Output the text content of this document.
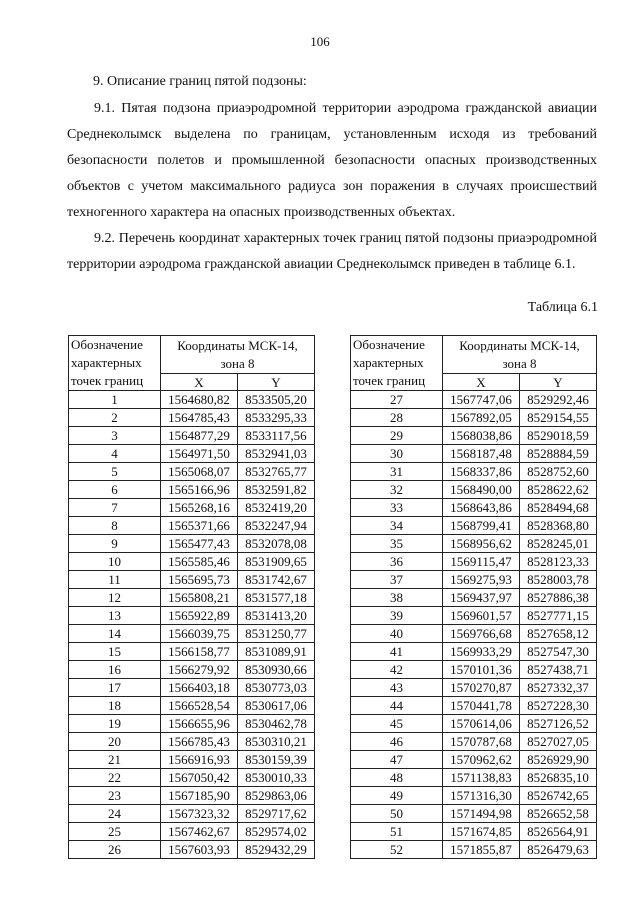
106
9. Описание границ пятой подзоны:
9.1. Пятая подзона приаэродромной территории аэродрома гражданской авиации Среднеколымск выделена по границам, установленным исходя из требований безопасности полетов и промышленной безопасности опасных производственных объектов с учетом максимального радиуса зон поражения в случаях происшествий техногенного характера на опасных производственных объектах.
9.2. Перечень координат характерных точек границ пятой подзоны приаэродромной территории аэродрома гражданской авиации Среднеколымск приведен в таблице 6.1.
Таблица 6.1
Обозначение характерных точек границ	Координаты МСК-14, зона 8	
	X	Y
1	1564680,82	8533505,20
2	1564785,43	8533295,33
3	1564877,29	8533117,56
4	1564971,50	8532941,03
5	1565068,07	8532765,77
6	1565166,96	8532591,82
7	1565268,16	8532419,20
8	1565371,66	8532247,94
9	1565477,43	8532078,08
10	1565585,46	8531909,65
11	1565695,73	8531742,67
12	1565808,21	8531577,18
13	1565922,89	8531413,20
14	1566039,75	8531250,77
15	1566158,77	8531089,91
16	1566279,92	8530930,66
17	1566403,18	8530773,03
18	1566528,54	8530617,06
19	1566655,96	8530462,78
20	1566785,43	8530310,21
21	1566916,93	8530159,39
22	1567050,42	8530010,33
23	1567185,90	8529863,06
24	1567323,32	8529717,62
25	1567462,67	8529574,02
26	1567603,93	8529432,29
Обозначение характерных точек границ	Координаты МСК-14, зона 8	
	X	Y
27	1567747,06	8529292,46
28	1567892,05	8529154,55
29	1568038,86	8529018,59
30	1568187,48	8528884,59
31	1568337,86	8528752,60
32	1568490,00	8528622,62
33	1568643,86	8528494,68
34	1568799,41	8528368,80
35	1568956,62	8528245,01
36	1569115,47	8528123,33
37	1569275,93	8528003,78
38	1569437,97	8527886,38
39	1569601,57	8527771,15
40	1569766,68	8527658,12
41	1569933,29	8527547,30
42	1570101,36	8527438,71
43	1570270,87	8527332,37
44	1570441,78	8527228,30
45	1570614,06	8527126,52
46	1570787,68	8527027,05
47	1570962,62	8526929,90
48	1571138,83	8526835,10
49	1571316,30	8526742,65
50	1571494,98	8526652,58
51	1571674,85	8526564,91
52	1571855,87	8526479,63
